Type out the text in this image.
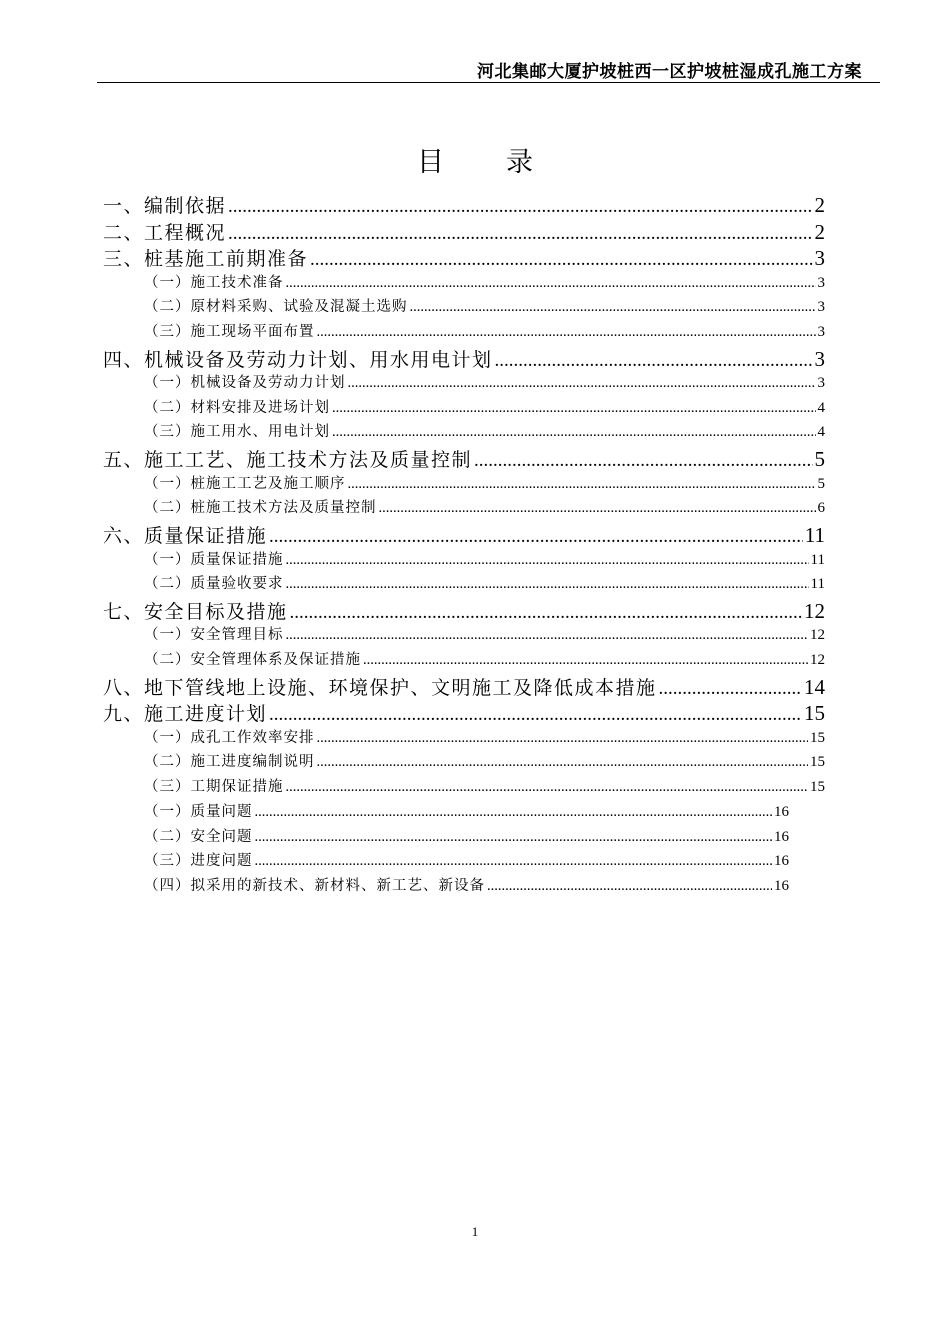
河北集邮大厦护坡桩西一区护坡桩湿成孔施工方案
目录
一、编制依据 .....	2
二、工程概况 .....	2
三、桩基施工前期准备 .....	3
（一）施工技术准备 .....	3
（二）原材料采购、试验及混凝土选购 .....	3
（三）施工现场平面布置 .....	3
四、机械设备及劳动力计划、用水用电计划 .....	3
（一）机械设备及劳动力计划 .....	3
（二）材料安排及进场计划 .....	4
（三）施工用水、用电计划 .....	4
五、施工工艺、施工技术方法及质量控制 .....	5
（一）桩施工工艺及施工顺序 .....	5
（二）桩施工技术方法及质量控制 .....	6
六、质量保证措施 .....	11
（一）质量保证措施 .....	11
（二）质量验收要求 .....	11
七、安全目标及措施 .....	12
（一）安全管理目标 .....	12
（二）安全管理体系及保证措施 .....	12
八、地下管线地上设施、环境保护、文明施工及降低成本措施 .....	14
九、施工进度计划 .....	15
（一）成孔工作效率安排 .....	15
（二）施工进度编制说明 .....	15
（三）工期保证措施 .....	15
（一）质量问题 .....	16
（二）安全问题 .....	16
（三）进度问题 .....	16
（四）拟采用的新技术、新材料、新工艺、新设备 .....	16
1
